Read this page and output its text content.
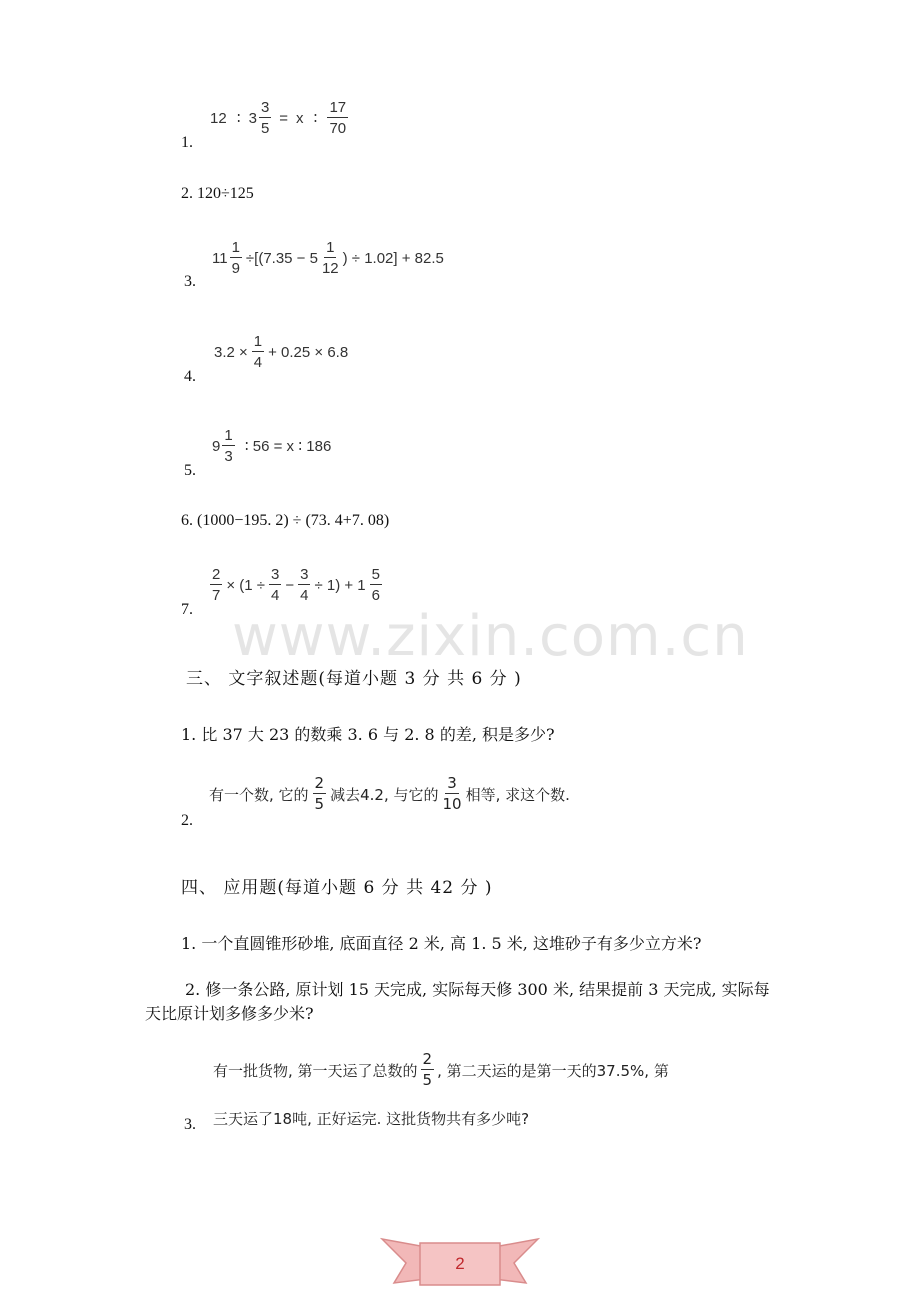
www.zixin.com.cn
1.
12 ∶ $3 \frac{3}{5} = x$ ∶ $\frac{17}{70}$
2. 120÷125
3.
$11 \frac{1}{9} \div[(7.35 - 5 \frac{1}{12}$ ) ÷ 1.02] + 82.5
4.
$3.2 \times \frac{1}{4} + 0.25 \times 6.8$
5.
$9 \frac{1}{3}$ ∶ 56 = x ∶ 186
6. (1000−195. 2) ÷ (73. 4+7. 08)
7.
$\frac{2}{7} \times (1 \div \frac{3}{4} - \frac{3}{4} \div 1) + 1 \frac{5}{6}$
三、 文字叙述题(每道小题 3 分 共 6 分 )
1. 比 37 大 23 的数乘 3. 6 与 2. 8 的差, 积是多少?
2.
有一个数, 它的 $\frac{2}{5}$ 减去4.2, 与它的 $\frac{3}{10}$ 相等, 求这个数.
四、 应用题(每道小题 6 分 共 42 分 )
1. 一个直圆锥形砂堆, 底面直径 2 米, 高 1. 5 米, 这堆砂子有多少立方米?
2. 修一条公路, 原计划 15 天完成, 实际每天修 300 米, 结果提前 3 天完成, 实际每
天比原计划多修多少米?
有一批货物, 第一天运了总数的 $\frac{2}{5}$ , 第二天运的是第一天的37.5%, 第
3. 三天运了18吨, 正好运完. 这批货物共有多少吨?
2
